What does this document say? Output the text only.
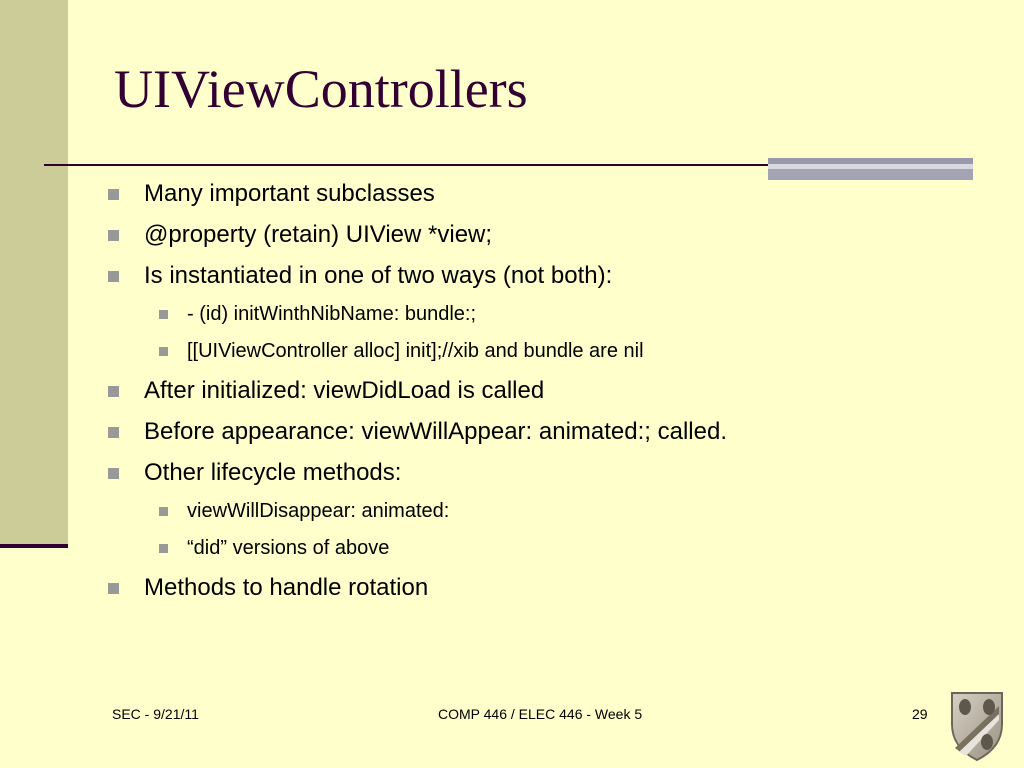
UIViewControllers
Many important subclasses
@property (retain) UIView *view;
Is instantiated in one of two ways (not both):
- (id) initWinthNibName: bundle:;
[[UIViewController alloc] init];//xib and bundle are nil
After initialized: viewDidLoad is called
Before appearance: viewWillAppear: animated:; called.
Other lifecycle methods:
viewWillDisappear: animated:
“did” versions of above
Methods to handle rotation
SEC - 9/21/11	COMP 446 / ELEC 446 - Week 5	29
